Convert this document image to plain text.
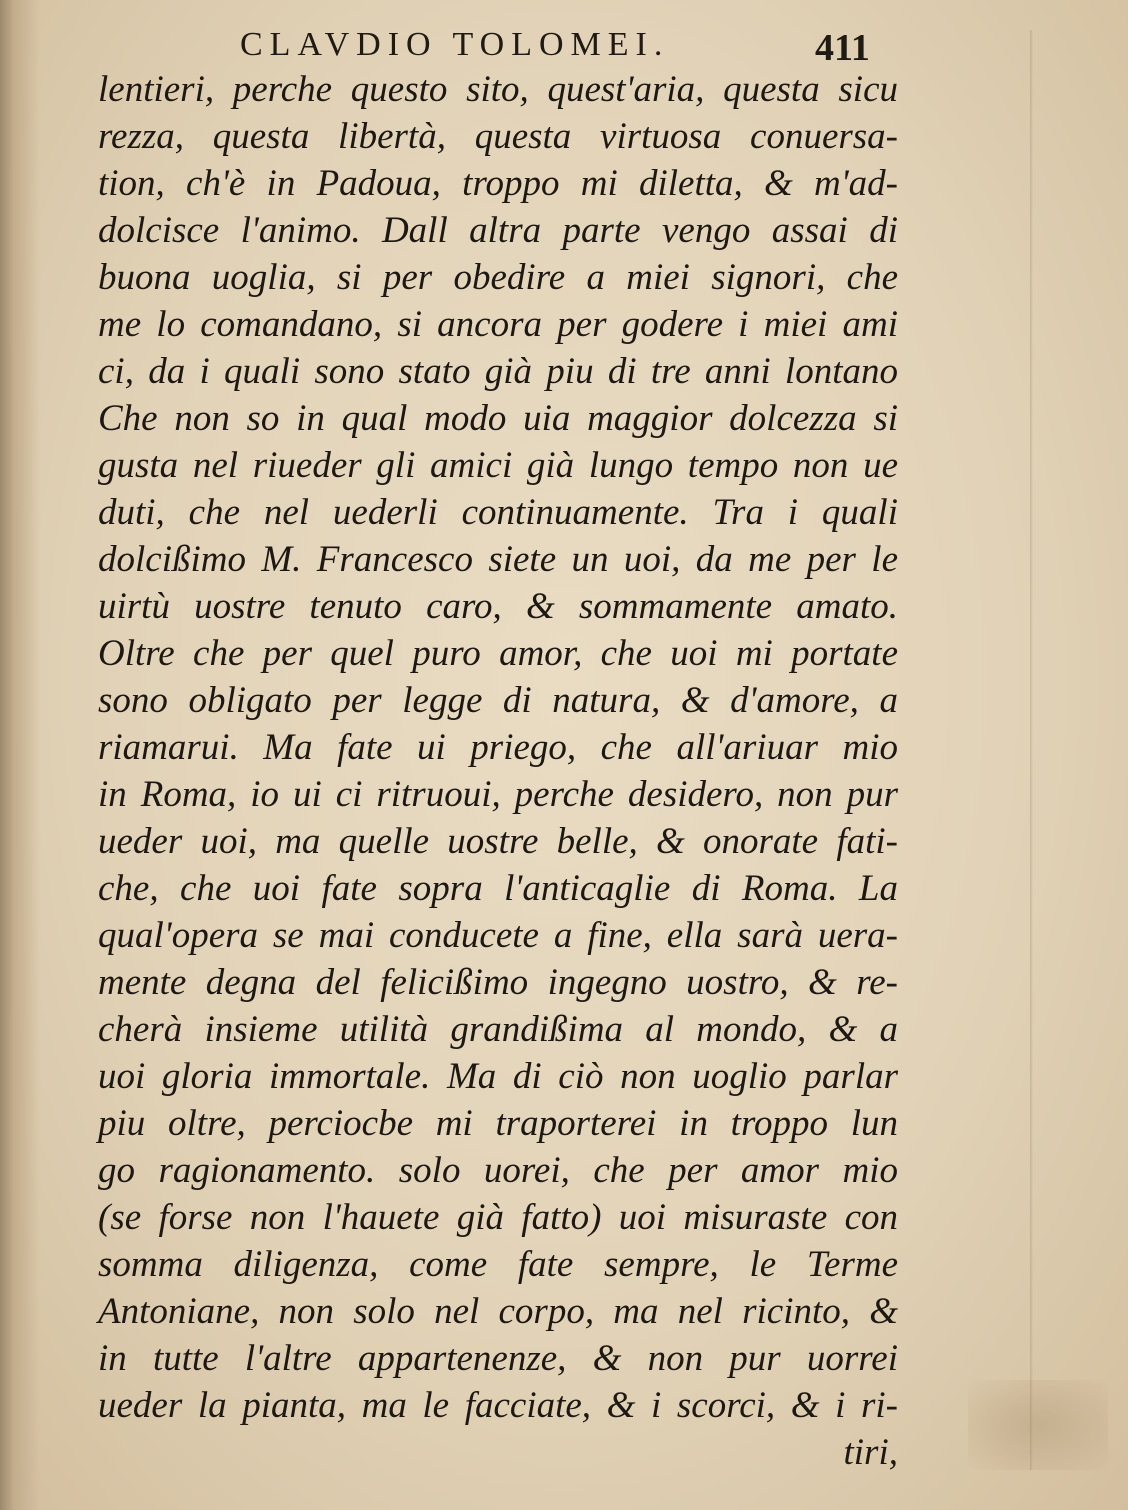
CLAVDIO TOLOMEI.	411
lentieri, perche questo sito, quest'aria, questa sicu
rezza, questa libertà, questa virtuosa conuersa-
tion, ch'è in Padoua, troppo mi diletta, & m'ad-
dolcisce l'animo. Dall altra parte vengo assai di
buona uoglia, si per obedire a miei signori, che
me lo comandano, si ancora per godere i miei ami
ci, da i quali sono stato già piu di tre anni lontano
Che non so in qual modo uia maggior dolcezza si
gusta nel riueder gli amici già lungo tempo non ue
duti, che nel uederli continuamente. Tra i quali
dolcißimo M. Francesco siete un uoi, da me per le
uirtù uostre tenuto caro, & sommamente amato.
Oltre che per quel puro amor, che uoi mi portate
sono obligato per legge di natura, & d'amore, a
riamarui. Ma fate ui priego, che all'ariuar mio
in Roma, io ui ci ritruoui, perche desidero, non pur
ueder uoi, ma quelle uostre belle, & onorate fati-
che, che uoi fate sopra l'anticaglie di Roma. La
qual'opera se mai conducete a fine, ella sarà uera-
mente degna del felicißimo ingegno uostro, & re-
cherà insieme utilità grandißima al mondo, & a
uoi gloria immortale. Ma di ciò non uoglio parlar
piu oltre, perciocbe mi traporterei in troppo lun
go ragionamento. solo uorei, che per amor mio
(se forse non l'hauete già fatto) uoi misuraste con
somma diligenza, come fate sempre, le Terme
Antoniane, non solo nel corpo, ma nel ricinto, &
in tutte l'altre appartenenze, & non pur uorrei
ueder la pianta, ma le facciate, & i scorci, & i ri-
tiri,
